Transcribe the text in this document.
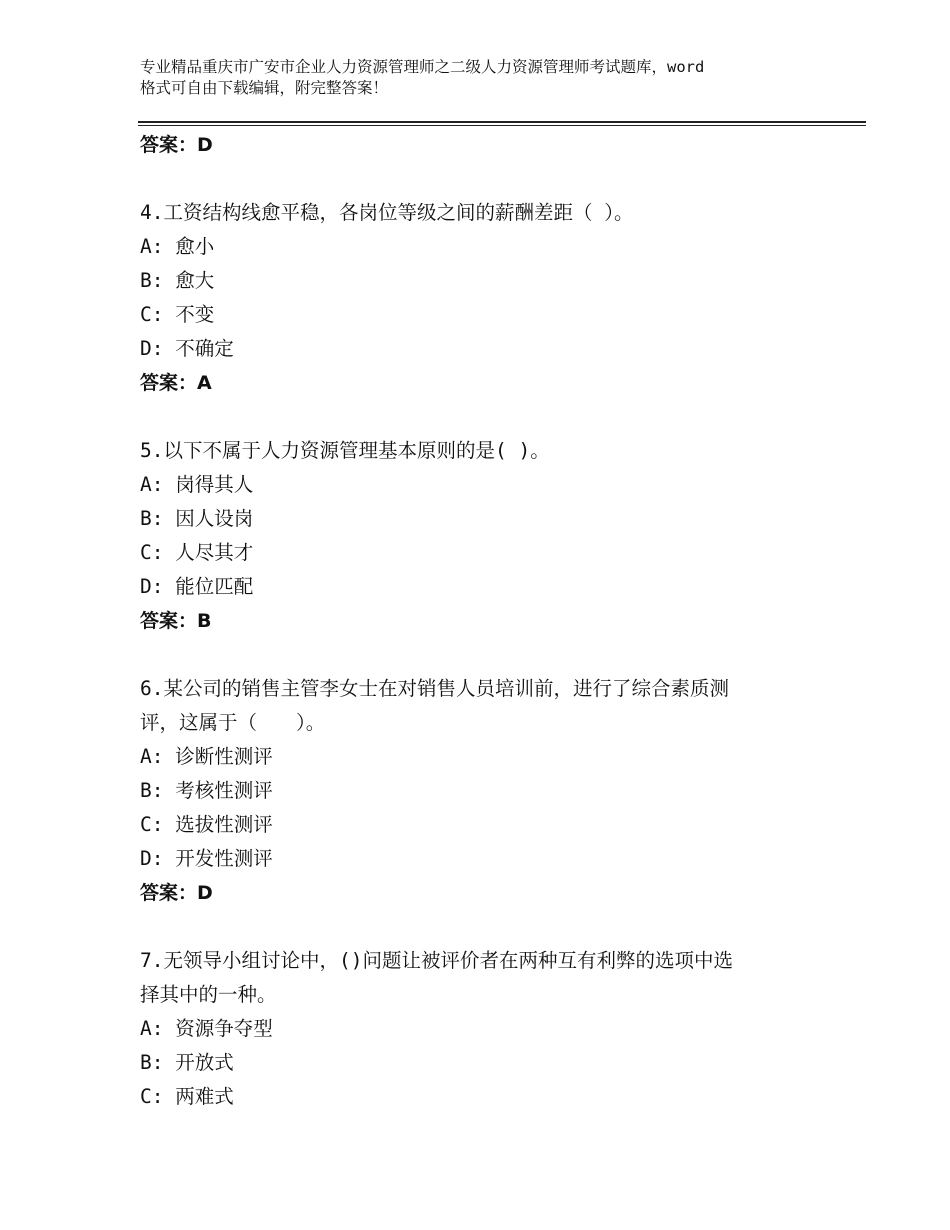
专业精品重庆市广安市企业人力资源管理师之二级人力资源管理师考试题库，word
格式可自由下载编辑，附完整答案！
答案：D
4.工资结构线愈平稳，各岗位等级之间的薪酬差距（ ）。
A: 愈小
B: 愈大
C: 不变
D: 不确定
答案：A
5.以下不属于人力资源管理基本原则的是( )。
A: 岗得其人
B: 因人设岗
C: 人尽其才
D: 能位匹配
答案：B
6.某公司的销售主管李女士在对销售人员培训前，进行了综合素质测
评，这属于（　　）。
A: 诊断性测评
B: 考核性测评
C: 选拔性测评
D: 开发性测评
答案：D
7.无领导小组讨论中，()问题让被评价者在两种互有利弊的选项中选
择其中的一种。
A: 资源争夺型
B: 开放式
C: 两难式
